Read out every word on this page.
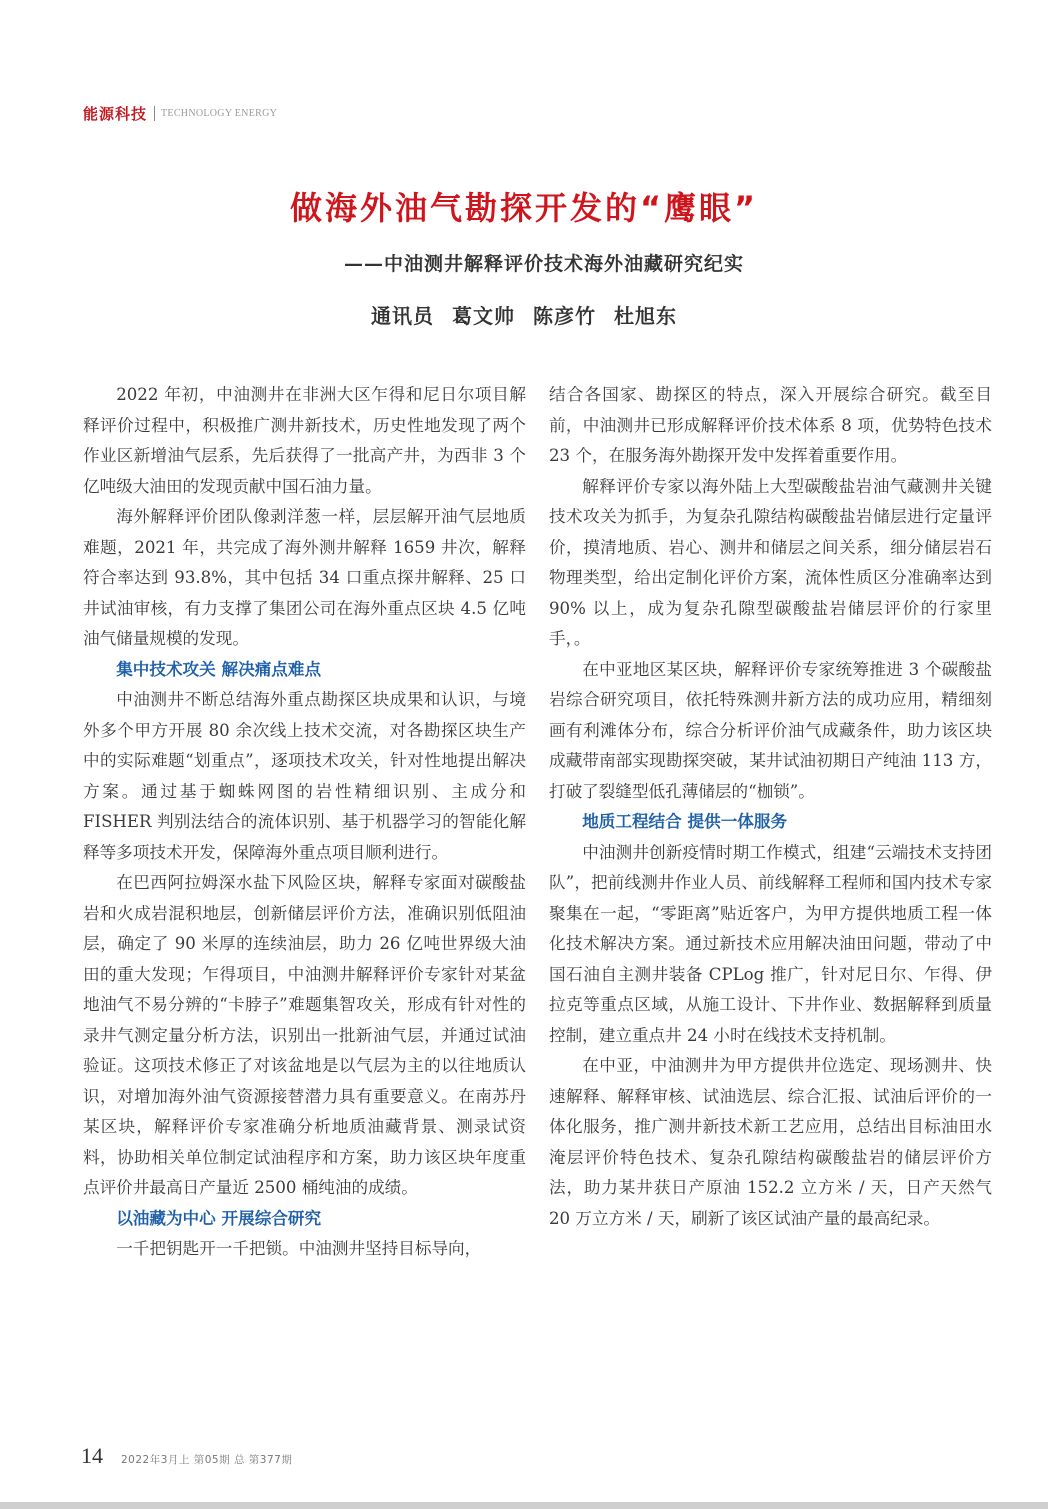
能源科技 TECHNOLOGY ENERGY
做海外油气勘探开发的“鹰眼”
——中油测井解释评价技术海外油藏研究纪实
通讯员 葛文帅 陈彦竹 杜旭东

2022 年初，中油测井在非洲大区乍得和尼日尔项目解释评价过程中，积极推广测井新技术，历史性地发现了两个作业区新增油气层系，先后获得了一批高产井，为西非 3 个亿吨级大油田的发现贡献中国石油力量。

海外解释评价团队像剥洋葱一样，层层解开油气层地质难题，2021 年，共完成了海外测井解释 1659 井次，解释符合率达到 93.8%，其中包括 34 口重点探井解释、25 口井试油审核，有力支撑了集团公司在海外重点区块 4.5 亿吨油气储量规模的发现。

集中技术攻关 解决痛点难点

中油测井不断总结海外重点勘探区块成果和认识，与境外多个甲方开展 80 余次线上技术交流，对各勘探区块生产中的实际难题“划重点”，逐项技术攻关，针对性地提出解决方案。通过基于蜘蛛网图的岩性精细识别、主成分和 FISHER 判别法结合的流体识别、基于机器学习的智能化解释等多项技术开发，保障海外重点项目顺利进行。

在巴西阿拉姆深水盐下风险区块，解释专家面对碳酸盐岩和火成岩混积地层，创新储层评价方法，准确识别低阻油层，确定了 90 米厚的连续油层，助力 26 亿吨世界级大油田的重大发现；乍得项目，中油测井解释评价专家针对某盆地油气不易分辨的“卡脖子”难题集智攻关，形成有针对性的录井气测定量分析方法，识别出一批新油气层，并通过试油验证。这项技术修正了对该盆地是以气层为主的以往地质认识，对增加海外油气资源接替潜力具有重要意义。在南苏丹某区块，解释评价专家准确分析地质油藏背景、测录试资料，协助相关单位制定试油程序和方案，助力该区块年度重点评价井最高日产量近 2500 桶纯油的成绩。

以油藏为中心 开展综合研究

一千把钥匙开一千把锁。中油测井坚持目标导向，

结合各国家、勘探区的特点，深入开展综合研究。截至目前，中油测井已形成解释评价技术体系 8 项，优势特色技术 23 个，在服务海外勘探开发中发挥着重要作用。

解释评价专家以海外陆上大型碳酸盐岩油气藏测井关键技术攻关为抓手，为复杂孔隙结构碳酸盐岩储层进行定量评价，摸清地质、岩心、测井和储层之间关系，细分储层岩石物理类型，给出定制化评价方案，流体性质区分准确率达到 90% 以上，成为复杂孔隙型碳酸盐岩储层评价的行家里手，。

在中亚地区某区块，解释评价专家统筹推进 3 个碳酸盐岩综合研究项目，依托特殊测井新方法的成功应用，精细刻画有利滩体分布，综合分析评价油气成藏条件，助力该区块成藏带南部实现勘探突破，某井试油初期日产纯油 113 方，打破了裂缝型低孔薄储层的“枷锁”。

地质工程结合 提供一体服务

中油测井创新疫情时期工作模式，组建“云端技术支持团队”，把前线测井作业人员、前线解释工程师和国内技术专家聚集在一起，“零距离”贴近客户，为甲方提供地质工程一体化技术解决方案。通过新技术应用解决油田问题，带动了中国石油自主测井装备 CPLog 推广，针对尼日尔、乍得、伊拉克等重点区域，从施工设计、下井作业、数据解释到质量控制，建立重点井 24 小时在线技术支持机制。

在中亚，中油测井为甲方提供井位选定、现场测井、快速解释、解释审核、试油选层、综合汇报、试油后评价的一体化服务，推广测井新技术新工艺应用，总结出目标油田水淹层评价特色技术、复杂孔隙结构碳酸盐岩的储层评价方法，助力某井获日产原油 152.2 立方米 / 天，日产天然气 20 万立方米 / 天，刷新了该区试油产量的最高纪录。

14 2022年3月上 第05期 总 第377期
